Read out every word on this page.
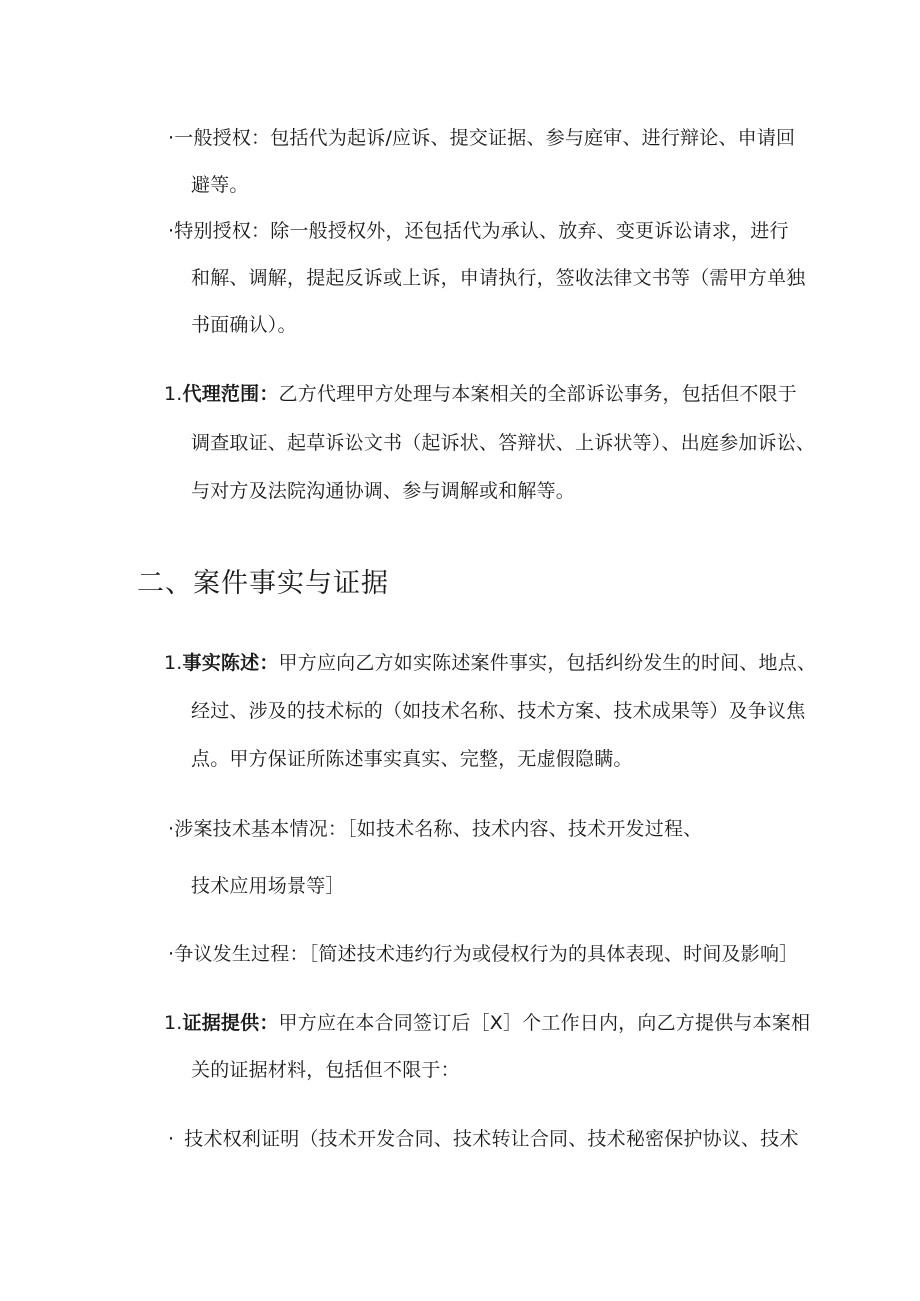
·一般授权：包括代为起诉/应诉、提交证据、参与庭审、进行辩论、申请回
避等。
·特别授权：除一般授权外，还包括代为承认、放弃、变更诉讼请求，进行
和解、调解，提起反诉或上诉，申请执行，签收法律文书等（需甲方单独
书面确认）。
1.代理范围：乙方代理甲方处理与本案相关的全部诉讼事务，包括但不限于
调查取证、起草诉讼文书（起诉状、答辩状、上诉状等）、出庭参加诉讼、
与对方及法院沟通协调、参与调解或和解等。
二、案件事实与证据
1.事实陈述：甲方应向乙方如实陈述案件事实，包括纠纷发生的时间、地点、
经过、涉及的技术标的（如技术名称、技术方案、技术成果等）及争议焦
点。甲方保证所陈述事实真实、完整，无虚假隐瞒。
·涉案技术基本情况：［如技术名称、技术内容、技术开发过程、
技术应用场景等］
·争议发生过程：［简述技术违约行为或侵权行为的具体表现、时间及影响］
1.证据提供：甲方应在本合同签订后［X］个工作日内，向乙方提供与本案相
关的证据材料，包括但不限于：
· 技术权利证明（技术开发合同、技术转让合同、技术秘密保护协议、技术
